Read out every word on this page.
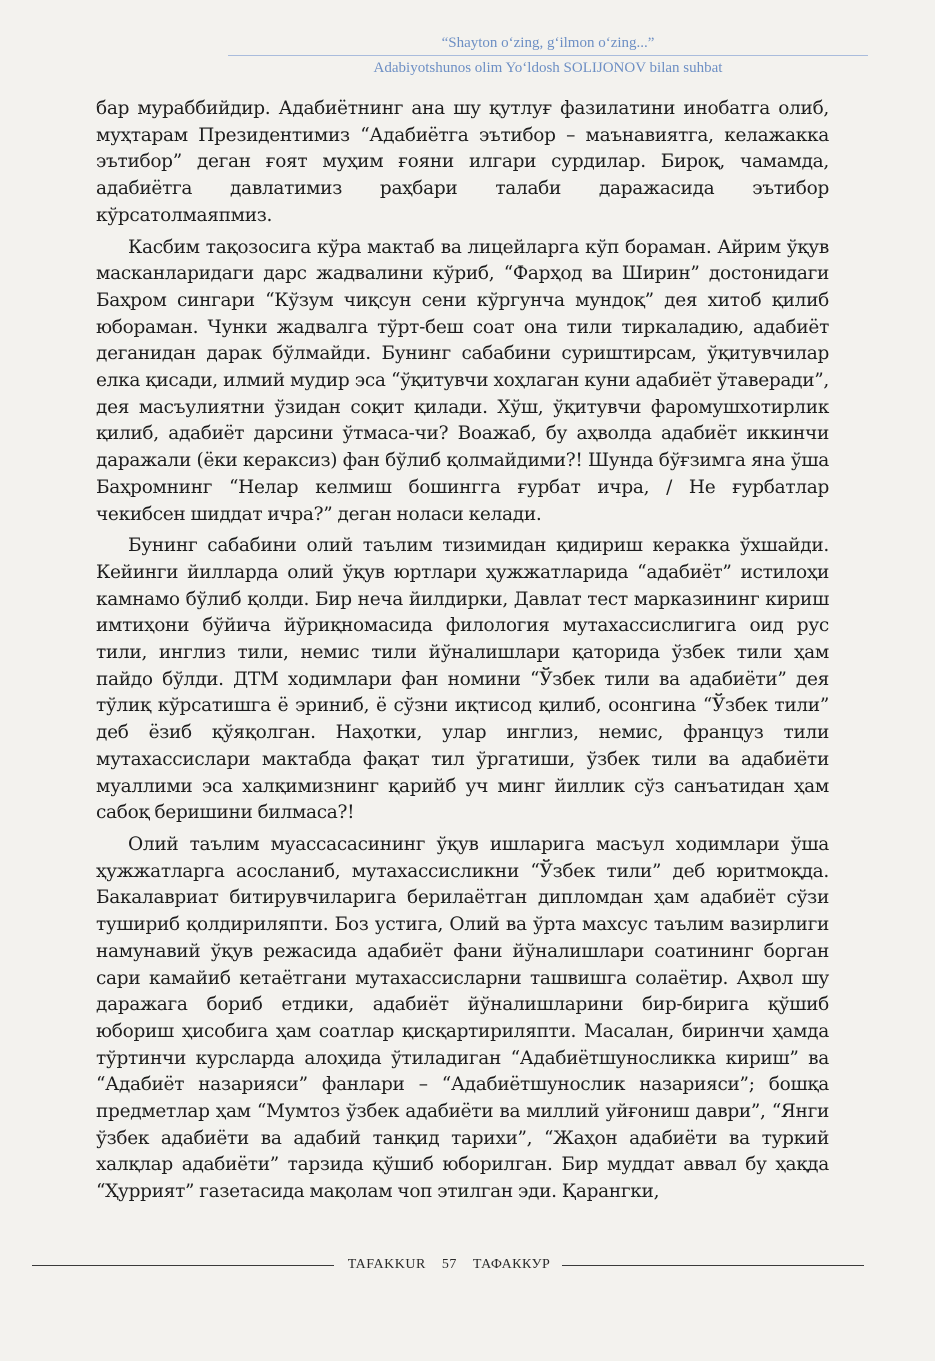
“Shayton o‘zing, g‘ilmon o‘zing...”
Adabiyotshunos olim Yo‘ldosh SOLIJONOV bilan suhbat

бар мураббийдир. Адабиётнинг ана шу қутлуғ фазилатини инобатга олиб, муҳтарам Президентимиз “Адабиётга эътибор – маънавиятга, келажакка эътибор” деган ғоят муҳим ғояни илгари сурдилар. Бироқ, чамамда, адабиётга давлатимиз раҳбари талаби даражасида эътибор кўрсатолмаяпмиз.

Касбим тақозосига кўра мактаб ва лицейларга кўп бораман. Айрим ўқув масканларидаги дарс жадвалини кўриб, “Фарҳод ва Ширин” достонидаги Баҳром сингари “Кўзум чиқсун сени кўргунча мундоқ” дея хитоб қилиб юбораман. Чунки жадвалга тўрт-беш соат она тили тиркаладию, адабиёт деганидан дарак бўлмайди. Бунинг сабабини суриштирсам, ўқитувчилар елка қисади, илмий мудир эса “ўқитувчи хоҳлаган куни адабиёт ўтаверади”, дея масъулиятни ўзидан соқит қилади. Хўш, ўқитувчи фаромушхотирлик қилиб, адабиёт дарсини ўтмаса-чи? Воажаб, бу аҳволда адабиёт иккинчи даражали (ёки кераксиз) фан бўлиб қолмайдими?! Шунда бўғзимга яна ўша Баҳромнинг “Нелар келмиш бошингга ғурбат ичра, / Не ғурбатлар чекибсен шиддат ичра?” деган ноласи келади.

Бунинг сабабини олий таълим тизимидан қидириш керакка ўхшайди. Кейинги йилларда олий ўқув юртлари ҳужжатларида “адабиёт” истилоҳи камнамо бўлиб қолди. Бир неча йилдирки, Давлат тест марказининг кириш имтиҳони бўйича йўриқномасида филология мутахассислигига оид рус тили, инглиз тили, немис тили йўналишлари қаторида ўзбек тили ҳам пайдо бўлди. ДТМ ходимлари фан номини “Ўзбек тили ва адабиёти” дея тўлиқ кўрсатишга ё эриниб, ё сўзни иқтисод қилиб, осонгина “Ўзбек тили” деб ёзиб қўяқолган. Наҳотки, улар инглиз, немис, француз тили мутахассислари мактабда фақат тил ўргатиши, ўзбек тили ва адабиёти муаллими эса халқимизнинг қарийб уч минг йиллик сўз санъатидан ҳам сабоқ беришини билмаса?!

Олий таълим муассасасининг ўқув ишларига масъул ходимлари ўша ҳужжатларга асосланиб, мутахассисликни “Ўзбек тили” деб юритмоқда. Бакалавриат битирувчиларига берилаётган дипломдан ҳам адабиёт сўзи тушириб қолдириляпти. Боз устига, Олий ва ўрта махсус таълим вазирлиги намунавий ўқув режасида адабиёт фани йўналишлари соатининг борган сари камайиб кетаётгани мутахассисларни ташвишга солаётир. Аҳвол шу даражага бориб етдики, адабиёт йўналишларини бир-бирига қўшиб юбориш ҳисобига ҳам соатлар қисқартириляпти. Масалан, биринчи ҳамда тўртинчи курсларда алоҳида ўтиладиган “Адабиётшуносликка кириш” ва “Адабиёт назарияси” фанлари – “Адабиётшунослик назарияси”; бошқа предметлар ҳам “Мумтоз ўзбек адабиёти ва миллий уйғониш даври”, “Янги ўзбек адабиёти ва адабий танқид тарихи”, “Жаҳон адабиёти ва туркий халқлар адабиёти” тарзида қўшиб юборилган. Бир муддат аввал бу ҳақда “Ҳуррият” газетасида мақолам чоп этилган эди. Қарангки,

TAFAKKUR 57 ТАФАККУР
